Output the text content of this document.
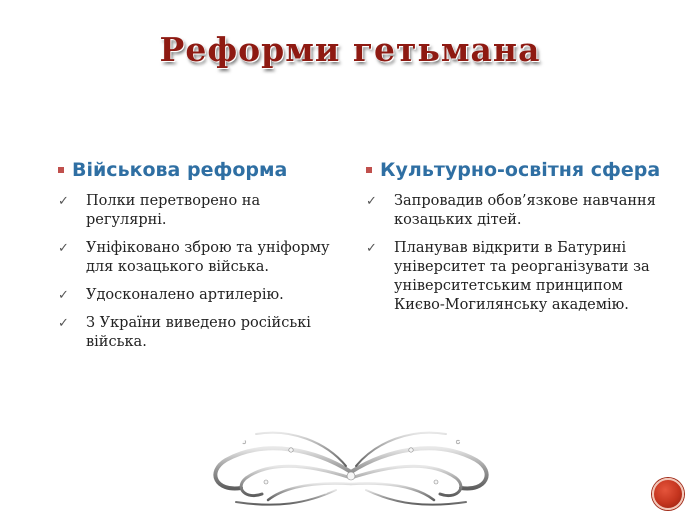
Реформи гетьмана
Військова реформа
✓ Полки перетворено на регулярні.
✓ Уніфіковано зброю та уніформу для козацького війська.
✓ Удосконалено артилерію.
✓ З України виведено російські війська.
Культурно-освітня сфера
✓ Запровадив обов’язкове навчання козацьких дітей.
✓ Планував відкрити в Батурині університет та реорганізувати за університетським принципом Києво-Могилянську академію.
